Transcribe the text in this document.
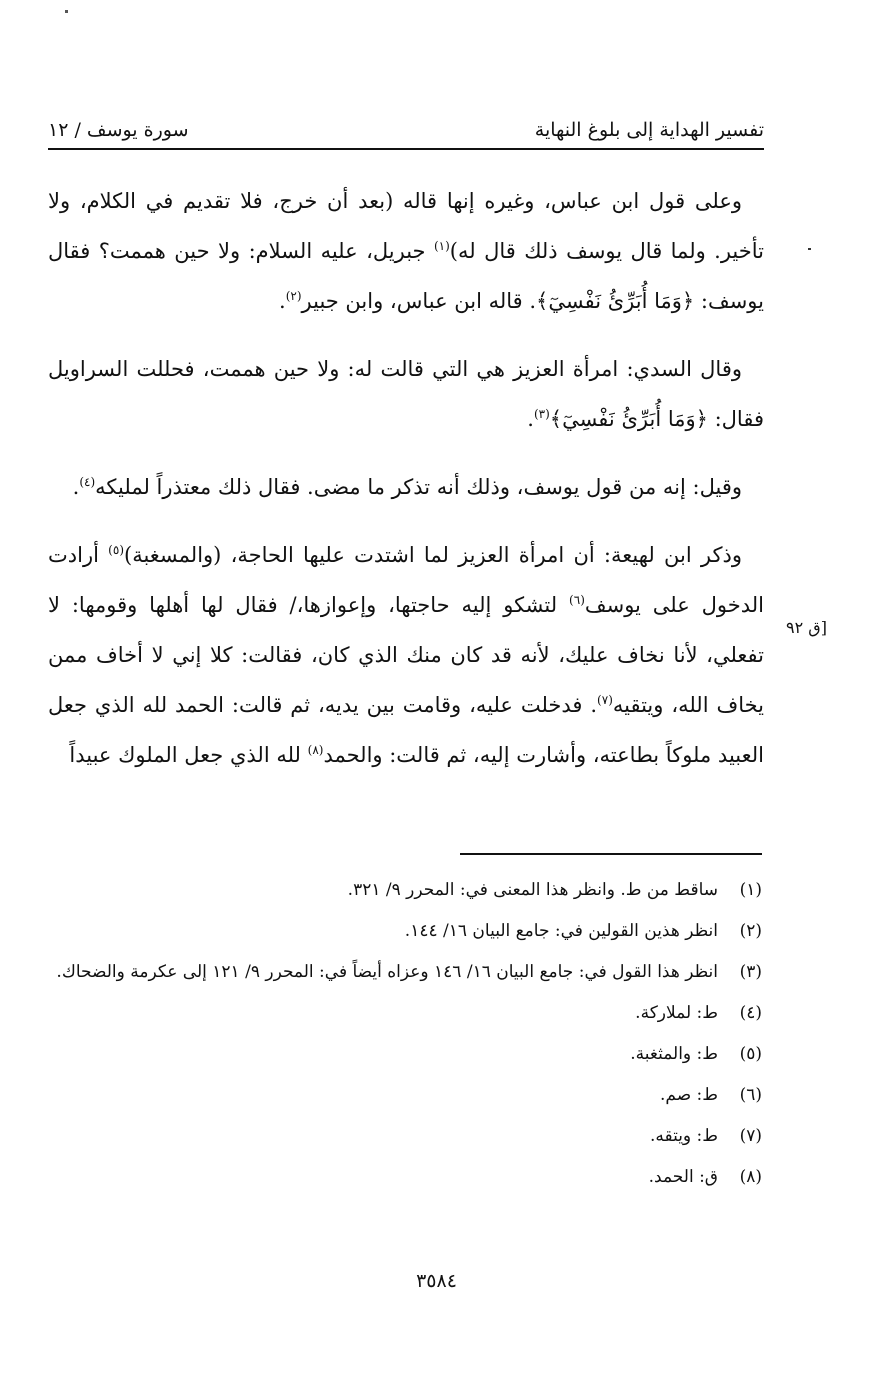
تفسير الهداية إلى بلوغ النهاية
سورة يوسف / ١٢

وعلى قول ابن عباس، وغيره إنها قاله (بعد أن خرج، فلا تقديم في الكلام، ولا تأخير. ولما قال يوسف ذلك قال له)$^{(١)}$ جبريل، عليه السلام: ولا حين هممت؟ فقال يوسف: ﴿وَمَا أُبَرِّئُ نَفْسِيٓ﴾. قاله ابن عباس، وابن جبير$^{(٢)}$.

وقال السدي: امرأة العزيز هي التي قالت له: ولا حين هممت، فحللت السراويل فقال: ﴿وَمَا أُبَرِّئُ نَفْسِيٓ﴾$^{(٣)}$.

وقيل: إنه من قول يوسف، وذلك أنه تذكر ما مضى. فقال ذلك معتذراً لمليكه$^{(٤)}$.

وذكر ابن لهيعة: أن امرأة العزيز لما اشتدت عليها الحاجة، (والمسغبة)$^{(٥)}$ أرادت الدخول على يوسف$^{(٦)}$ لتشكو إليه حاجتها، وإعوازها،/ فقال لها أهلها وقومها: لا تفعلي، لأنا نخاف عليك، لأنه قد كان منك الذي كان، فقالت: كلا إني لا أخاف ممن يخاف الله، ويتقيه$^{(٧)}$. فدخلت عليه، وقامت بين يديه، ثم قالت: الحمد لله الذي جعل العبيد ملوكاً بطاعته، وأشارت إليه، ثم قالت: والحمد$^{(٨)}$ لله الذي جعل الملوك عبيداً

[ق ٩٢
(١)
ساقط من ط. وانظر هذا المعنى في: المحرر ٩/ ٣٢١.
(٢)
انظر هذين القولين في: جامع البيان ١٦/ ١٤٤.
(٣)
انظر هذا القول في: جامع البيان ١٦/ ١٤٦ وعزاه أيضاً في: المحرر ٩/ ١٢١ إلى عكرمة والضحاك.
(٤)
ط: لملاركة.
(٥)
ط: والمثغبة.
(٦)
ط: صم.
(٧)
ط: ويتقه.
(٨)
ق: الحمد.
٣٥٨٤
